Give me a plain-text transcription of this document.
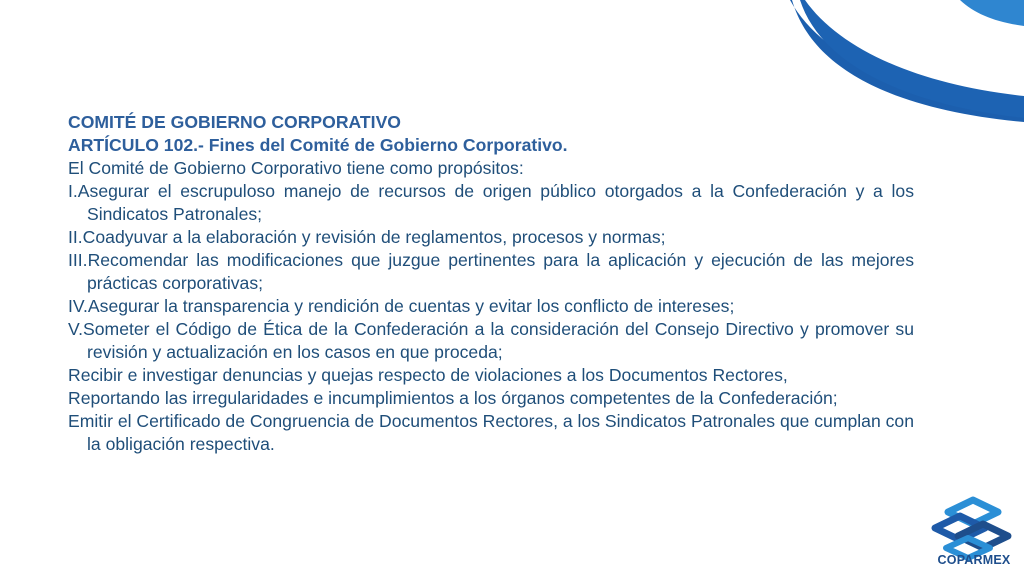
COMITÉ DE GOBIERNO CORPORATIVO

ARTÍCULO 102.- Fines del Comité de Gobierno Corporativo.

El Comité de Gobierno Corporativo tiene como propósitos:

I.Asegurar el escrupuloso manejo de recursos de origen público otorgados a la Confederación y a los Sindicatos Patronales;

II.Coadyuvar a la elaboración y revisión de reglamentos, procesos y normas;

III.Recomendar las modificaciones que juzgue pertinentes para la aplicación y ejecución de las mejores prácticas corporativas;

IV.Asegurar la transparencia y rendición de cuentas y evitar los conflicto de intereses;

V.Someter el Código de Ética de la Confederación a la consideración del Consejo Directivo y promover su revisión y actualización en los casos en que proceda;

Recibir e investigar denuncias y quejas respecto de violaciones a los Documentos Rectores,

Reportando las irregularidades e incumplimientos a los órganos competentes de la Confederación;

Emitir el Certificado de Congruencia de Documentos Rectores, a los Sindicatos Patronales que cumplan con la obligación respectiva.

COPARMEX
